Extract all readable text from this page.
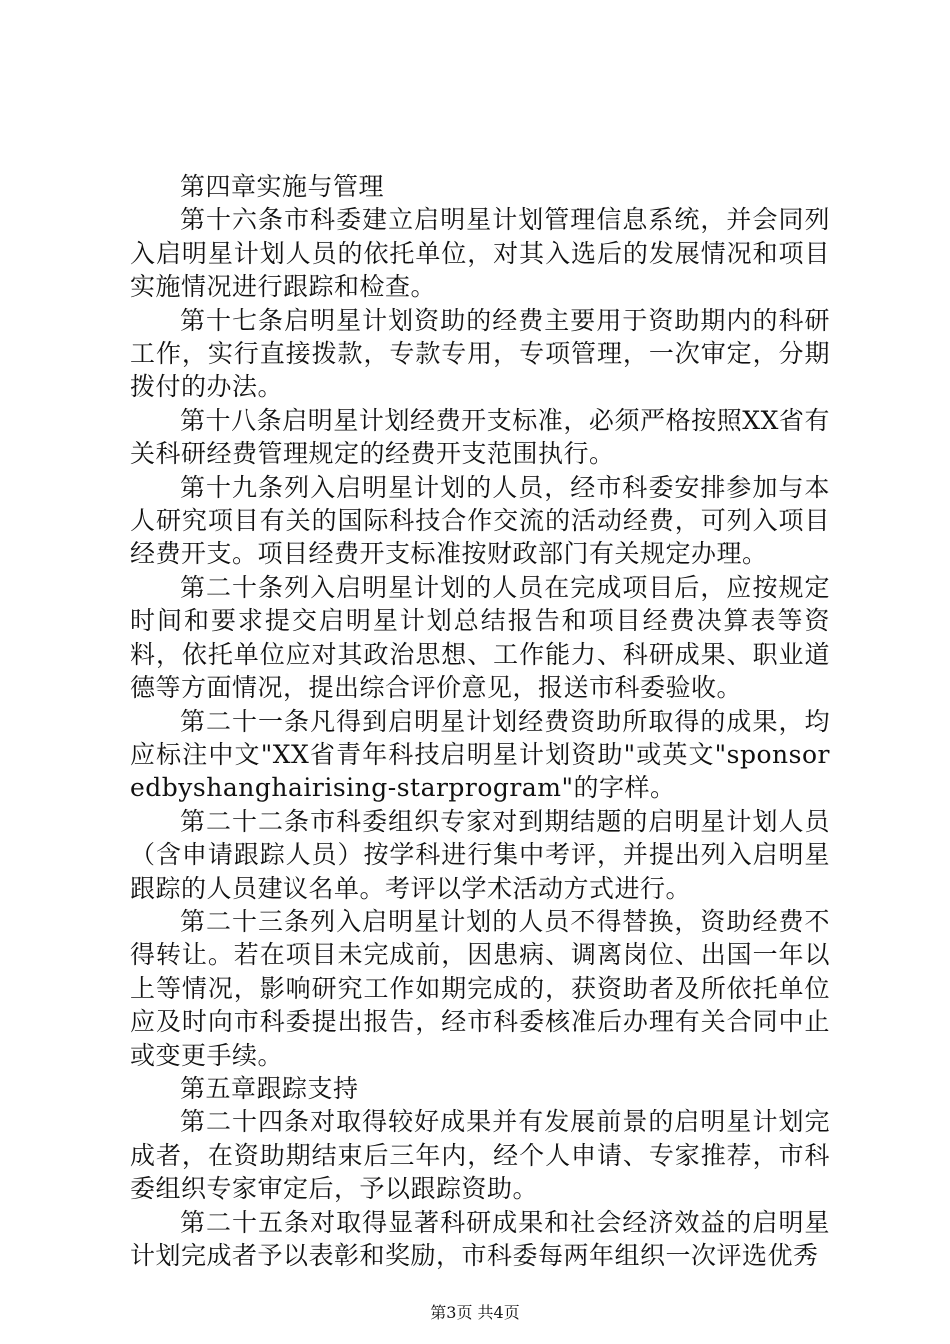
第四章实施与管理

第十六条市科委建立启明星计划管理信息系统，并会同列入启明星计划人员的依托单位，对其入选后的发展情况和项目实施情况进行跟踪和检查。

第十七条启明星计划资助的经费主要用于资助期内的科研工作，实行直接拨款，专款专用，专项管理，一次审定，分期拨付的办法。

第十八条启明星计划经费开支标准，必须严格按照XX省有关科研经费管理规定的经费开支范围执行。

第十九条列入启明星计划的人员，经市科委安排参加与本人研究项目有关的国际科技合作交流的活动经费，可列入项目经费开支。项目经费开支标准按财政部门有关规定办理。

第二十条列入启明星计划的人员在完成项目后，应按规定时间和要求提交启明星计划总结报告和项目经费决算表等资料，依托单位应对其政治思想、工作能力、科研成果、职业道德等方面情况，提出综合评价意见，报送市科委验收。

第二十一条凡得到启明星计划经费资助所取得的成果，均应标注中文"XX省青年科技启明星计划资助"或英文"sponsoredbyshanghairising-starprogram"的字样。

第二十二条市科委组织专家对到期结题的启明星计划人员（含申请跟踪人员）按学科进行集中考评，并提出列入启明星跟踪的人员建议名单。考评以学术活动方式进行。

第二十三条列入启明星计划的人员不得替换，资助经费不得转让。若在项目未完成前，因患病、调离岗位、出国一年以上等情况，影响研究工作如期完成的，获资助者及所依托单位应及时向市科委提出报告，经市科委核准后办理有关合同中止或变更手续。

第五章跟踪支持

第二十四条对取得较好成果并有发展前景的启明星计划完成者，在资助期结束后三年内，经个人申请、专家推荐，市科委组织专家审定后，予以跟踪资助。

第二十五条对取得显著科研成果和社会经济效益的启明星计划完成者予以表彰和奖励，市科委每两年组织一次评选优秀

第3页 共4页
